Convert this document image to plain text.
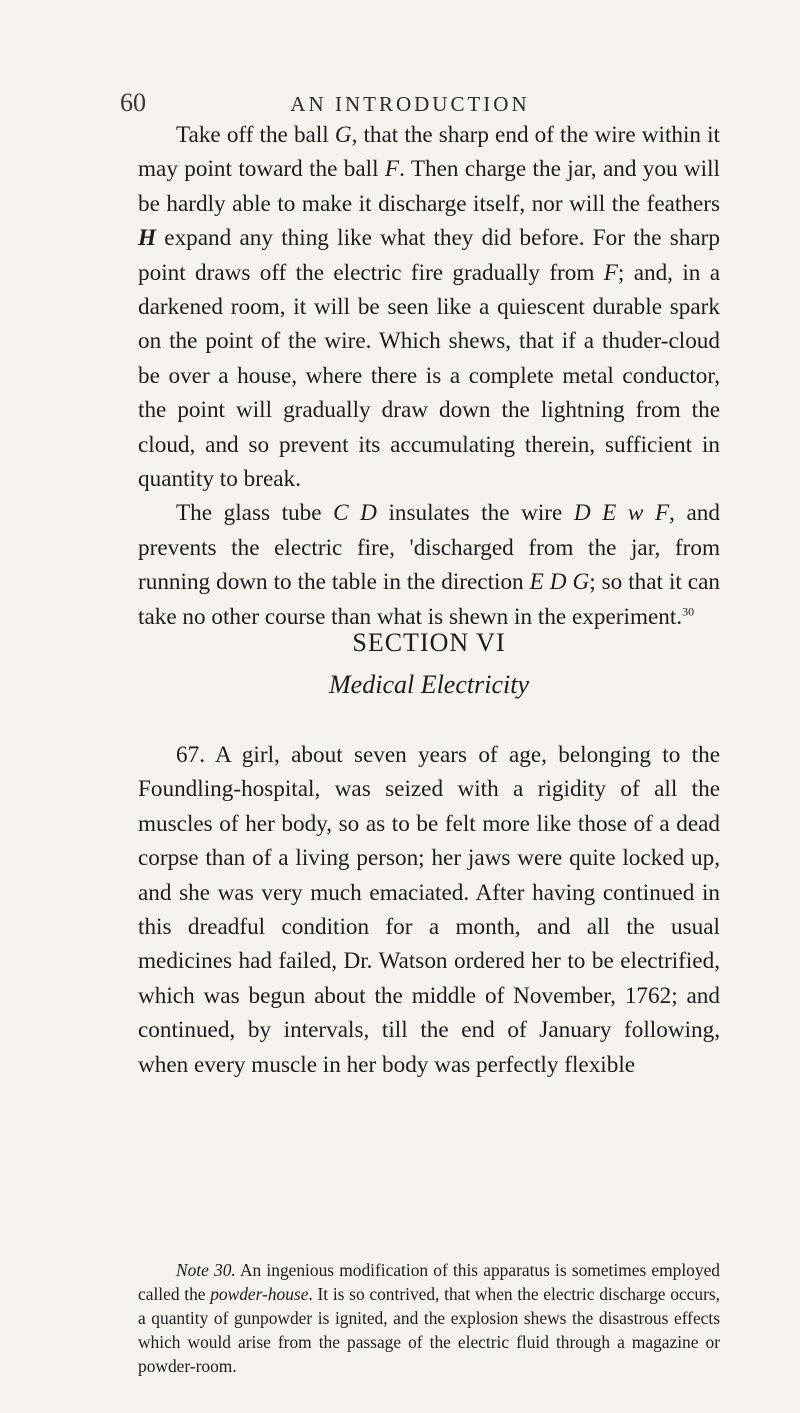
60	AN INTRODUCTION

Take off the ball G, that the sharp end of the wire within it may point toward the ball F. Then charge the jar, and you will be hardly able to make it discharge itself, nor will the feathers H expand any thing like what they did before. For the sharp point draws off the electric fire gradually from F; and, in a darkened room, it will be seen like a quiescent durable spark on the point of the wire. Which shews, that if a thuder-cloud be over a house, where there is a complete metal conductor, the point will gradually draw down the lightning from the cloud, and so prevent its accumulating therein, sufficient in quantity to break.

The glass tube C D insulates the wire D E w F, and prevents the electric fire, 'discharged from the jar, from running down to the table in the direction E D G; so that it can take no other course than what is shewn in the experiment.$^{30}$

SECTION VI
Medical Electricity

67. A girl, about seven years of age, belonging to the Foundling-hospital, was seized with a rigidity of all the muscles of her body, so as to be felt more like those of a dead corpse than of a living person; her jaws were quite locked up, and she was very much emaciated. After having continued in this dreadful condition for a month, and all the usual medicines had failed, Dr. Watson ordered her to be electrified, which was begun about the middle of November, 1762; and continued, by intervals, till the end of January following, when every muscle in her body was perfectly flexible

Note 30. An ingenious modification of this apparatus is sometimes employed called the powder-house. It is so contrived, that when the electric discharge occurs, a quantity of gunpowder is ignited, and the explosion shews the disastrous effects which would arise from the passage of the electric fluid through a magazine or powder-room.
